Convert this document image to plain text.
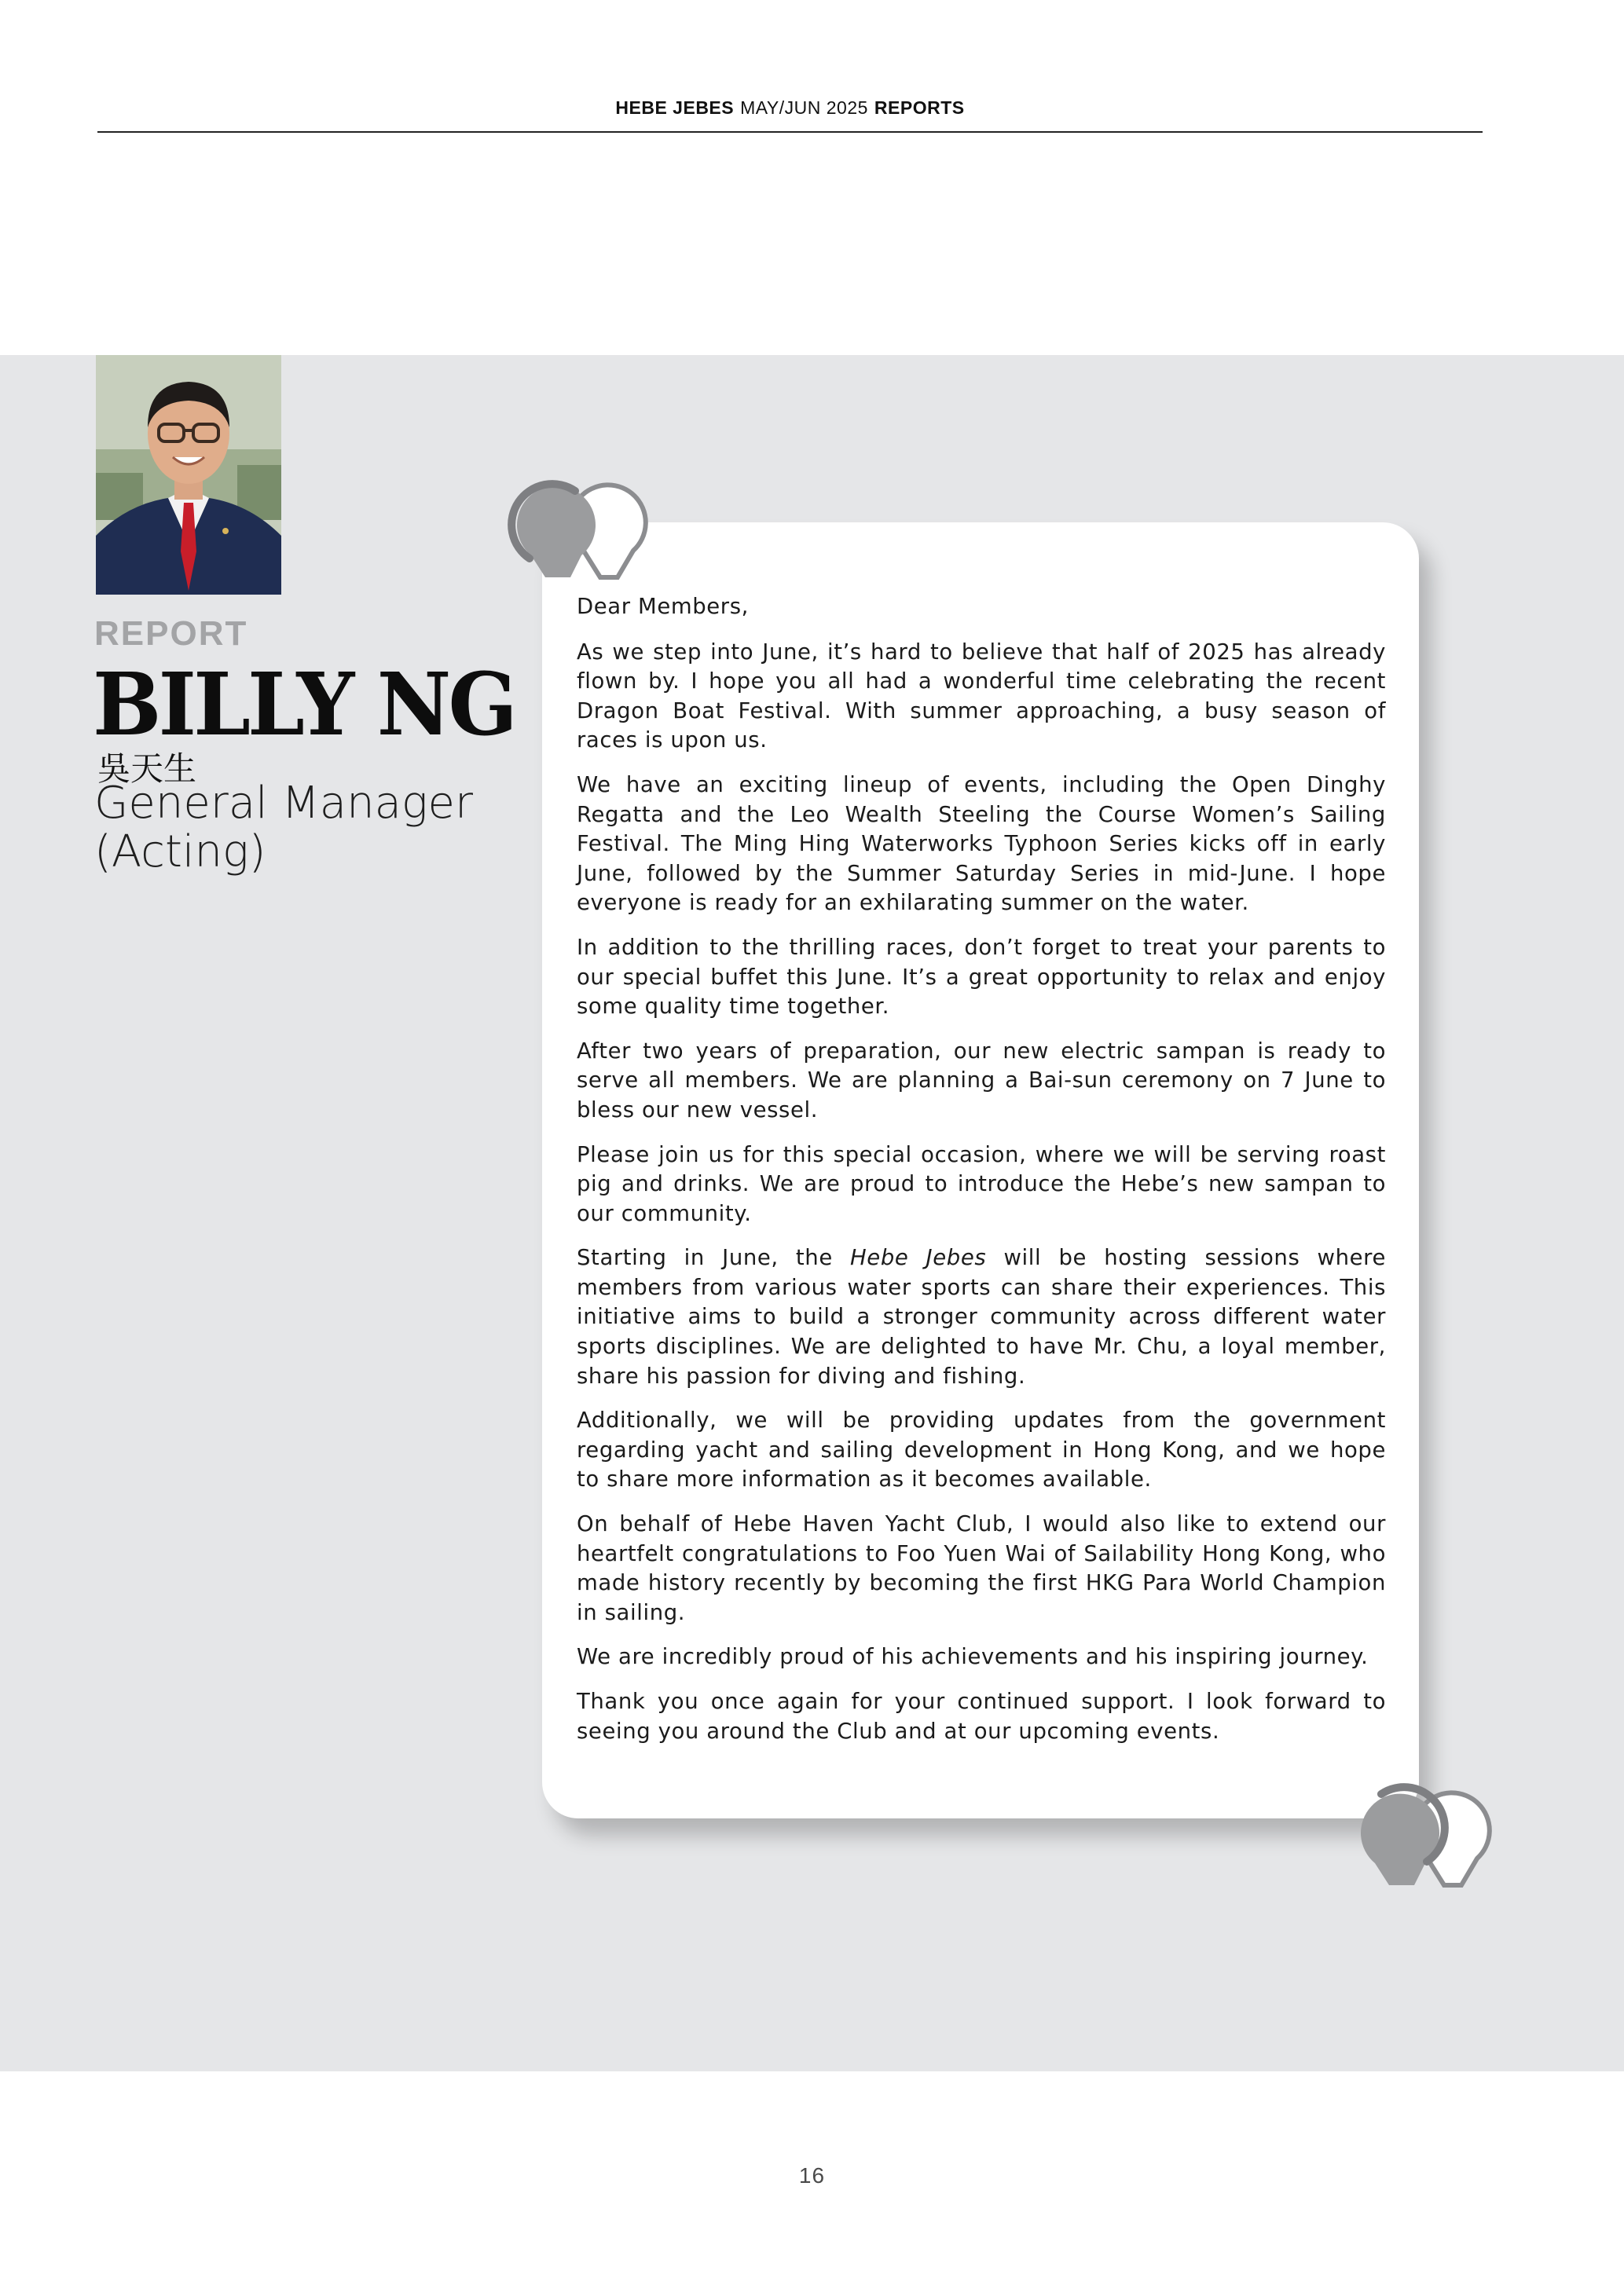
HEBE JEBES MAY/JUN 2025 REPORTS
REPORT
BILLY NG
吳天生
General Manager
(Acting)

Dear Members,

As we step into June, it’s hard to believe that half of 2025 has already flown by. I hope you all had a wonderful time celebrating the recent Dragon Boat Festival. With summer approaching, a busy season of races is upon us.

We have an exciting lineup of events, including the Open Dinghy Regatta and the Leo Wealth Steeling the Course Women’s Sailing Festival. The Ming Hing Waterworks Typhoon Series kicks off in early June, followed by the Summer Saturday Series in mid-June. I hope everyone is ready for an exhilarating summer on the water.

In addition to the thrilling races, don’t forget to treat your parents to our special buffet this June. It’s a great opportunity to relax and enjoy some quality time together.

After two years of preparation, our new electric sampan is ready to serve all members. We are planning a Bai-sun ceremony on 7 June to bless our new vessel.

Please join us for this special occasion, where we will be serving roast pig and drinks. We are proud to introduce the Hebe’s new sampan to our community.

Starting in June, the Hebe Jebes will be hosting sessions where members from various water sports can share their experiences. This initiative aims to build a stronger community across different water sports disciplines. We are delighted to have Mr. Chu, a loyal member, share his passion for diving and fishing.

Additionally, we will be providing updates from the government regarding yacht and sailing development in Hong Kong, and we hope to share more information as it becomes available.

On behalf of Hebe Haven Yacht Club, I would also like to extend our heartfelt congratulations to Foo Yuen Wai of Sailability Hong Kong, who made history recently by becoming the first HKG Para World Champion in sailing.

We are incredibly proud of his achievements and his inspiring journey.

Thank you once again for your continued support. I look forward to seeing you around the Club and at our upcoming events.

16
